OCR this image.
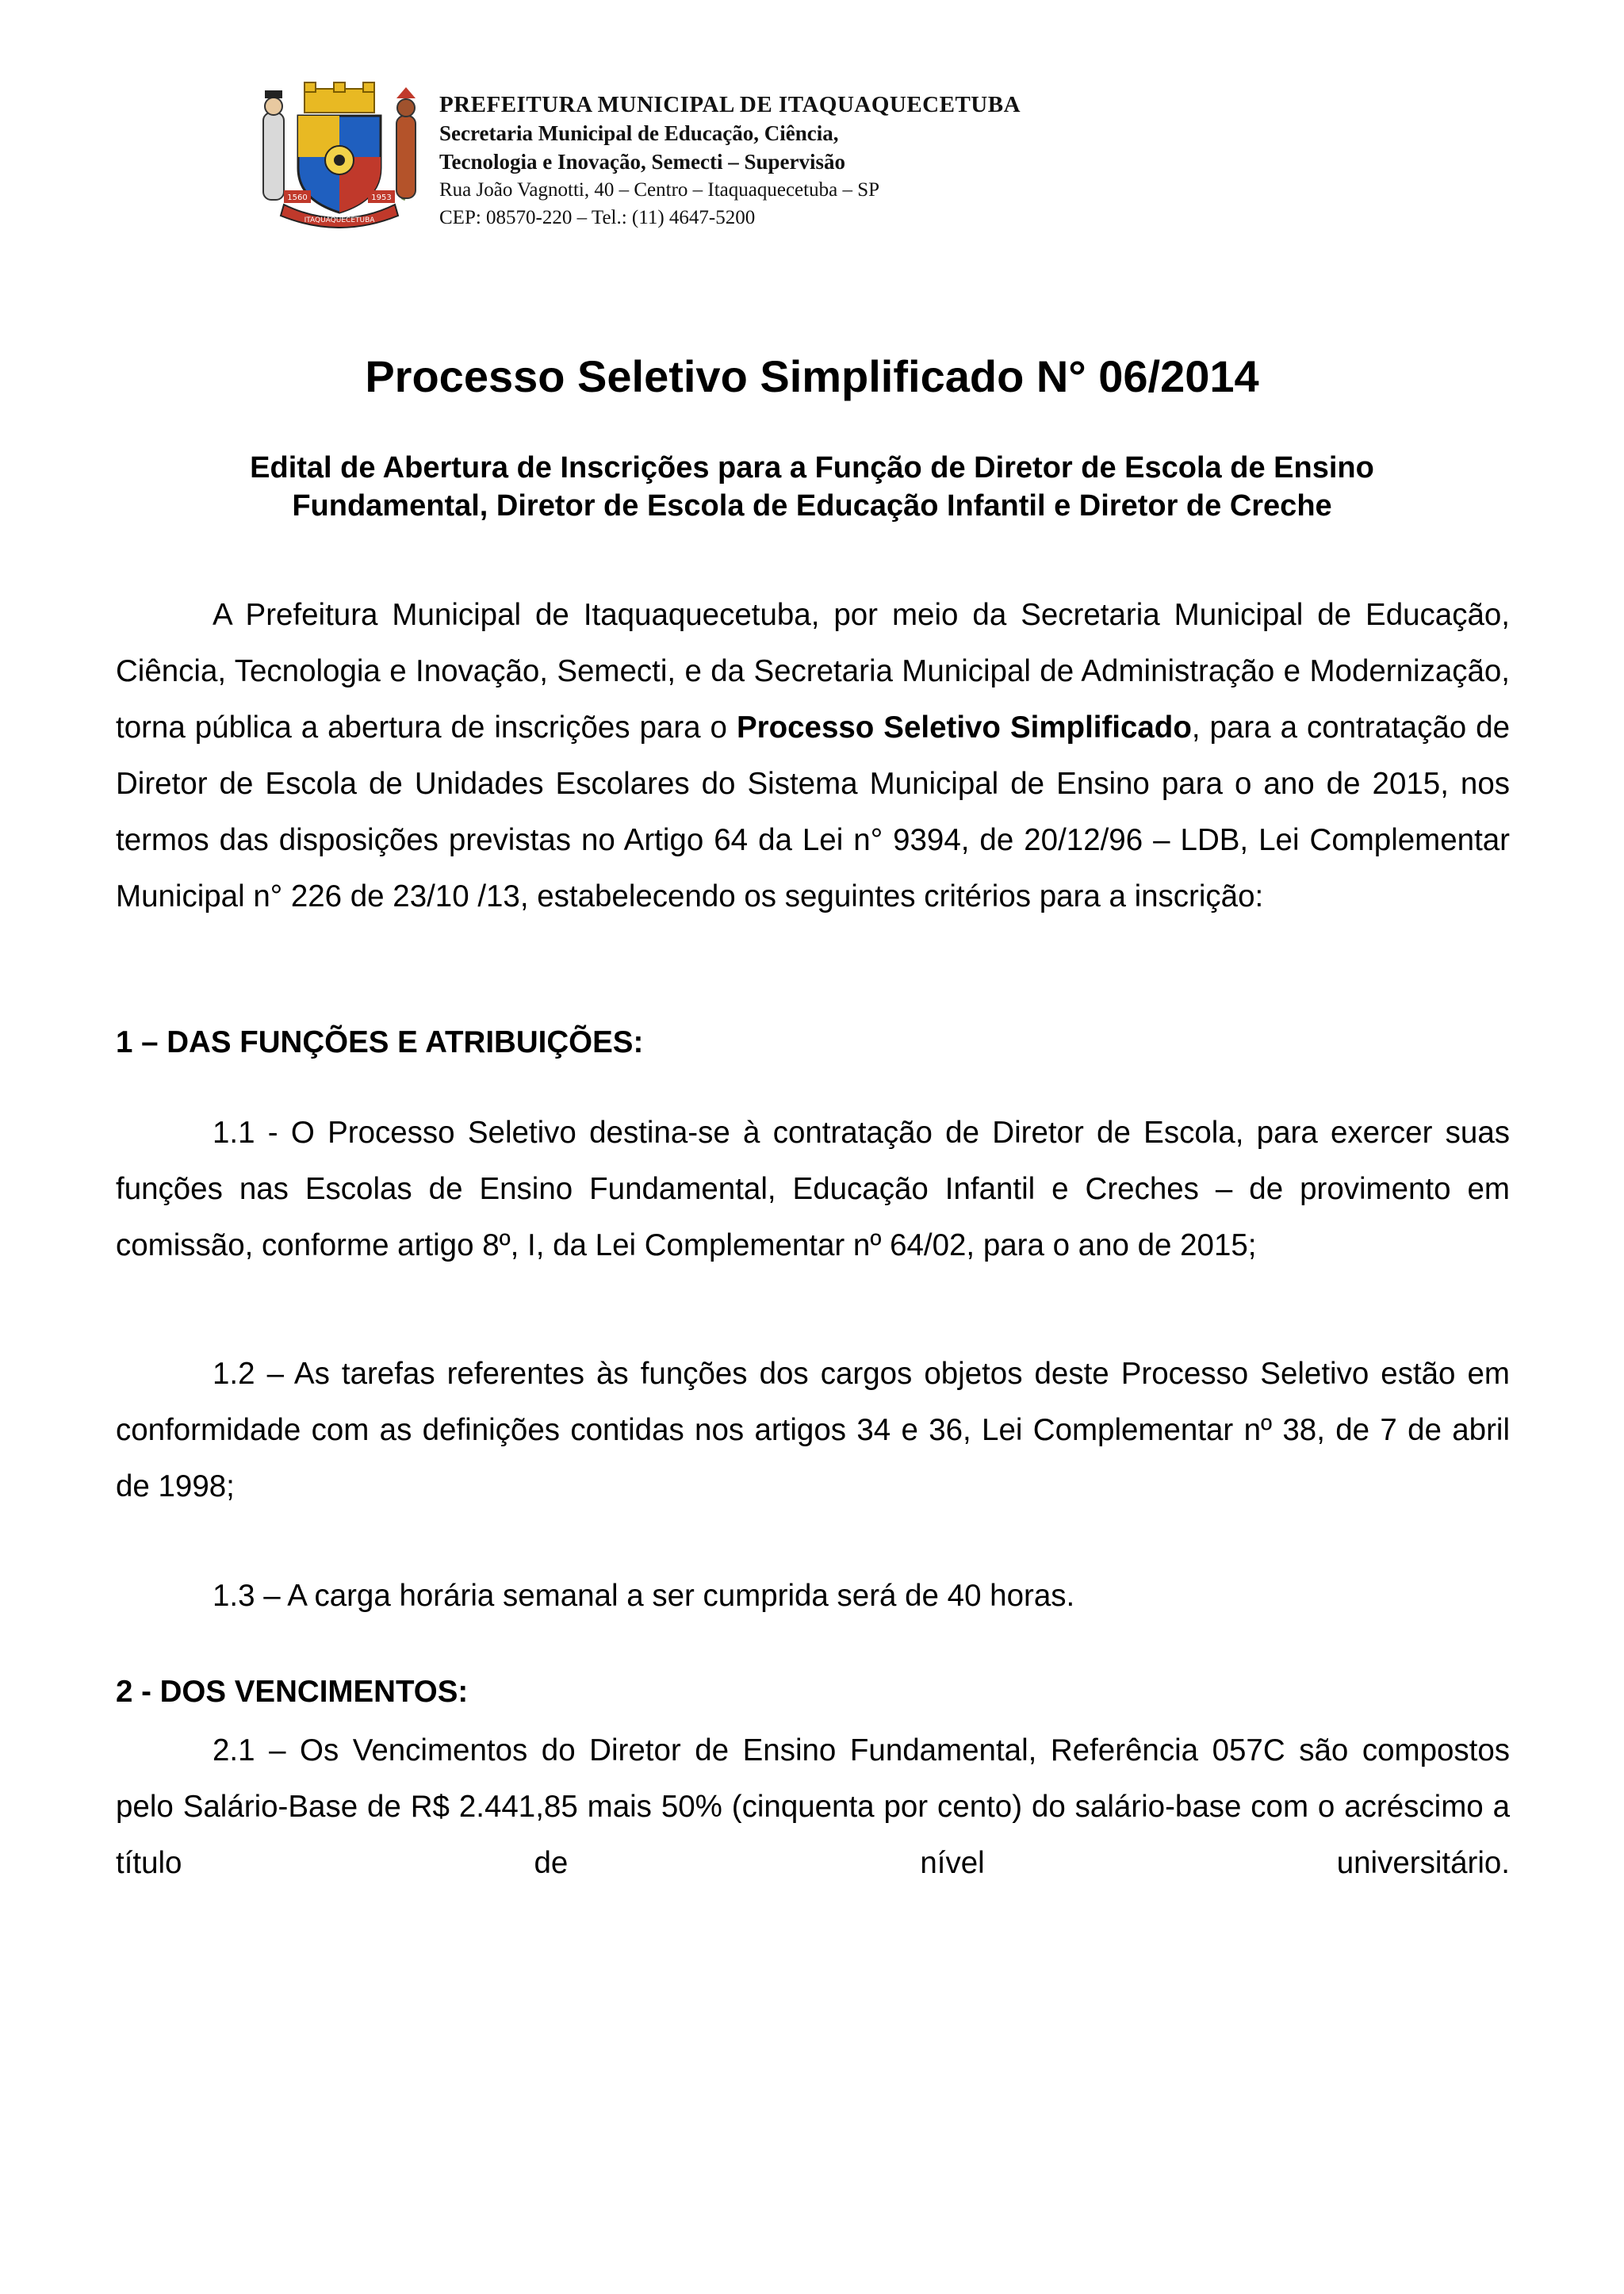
1560	1953
ITAQUAQUECETUBA
PREFEITURA MUNICIPAL DE ITAQUAQUECETUBA
Secretaria Municipal de Educação, Ciência,
Tecnologia e Inovação, Semecti – Supervisão
Rua João Vagnotti, 40 – Centro – Itaquaquecetuba – SP
CEP: 08570-220 – Tel.: (11) 4647-5200
Processo Seletivo Simplificado N° 06/2014
Edital de Abertura de Inscrições para a Função de Diretor de Escola de Ensino
Fundamental, Diretor de Escola de Educação Infantil e Diretor de Creche

A Prefeitura Municipal de Itaquaquecetuba, por meio da Secretaria Municipal de Educação, Ciência, Tecnologia e Inovação, Semecti, e da Secretaria Municipal de Administração e Modernização, torna pública a abertura de inscrições para o Processo Seletivo Simplificado, para a contratação de Diretor de Escola de Unidades Escolares do Sistema Municipal de Ensino para o ano de 2015, nos termos das disposições previstas no Artigo 64 da Lei n° 9394, de 20/12/96 – LDB, Lei Complementar Municipal n° 226 de 23/10 /13, estabelecendo os seguintes critérios para a inscrição:

1 – DAS FUNÇÕES E ATRIBUIÇÕES:

1.1 - O Processo Seletivo destina-se à contratação de Diretor de Escola, para exercer suas funções nas Escolas de Ensino Fundamental, Educação Infantil e Creches – de provimento em comissão, conforme artigo 8º, I, da Lei Complementar nº 64/02, para o ano de 2015;

1.2 – As tarefas referentes às funções dos cargos objetos deste Processo Seletivo estão em conformidade com as definições contidas nos artigos 34 e 36, Lei Complementar nº 38, de 7 de abril de 1998;

1.3 – A carga horária semanal a ser cumprida será de 40 horas.

2 - DOS VENCIMENTOS:

2.1 – Os Vencimentos do Diretor de Ensino Fundamental, Referência 057C são compostos pelo Salário-Base de R$ 2.441,85 mais 50% (cinquenta por cento) do salário-base com o acréscimo a título de nível universitário.
